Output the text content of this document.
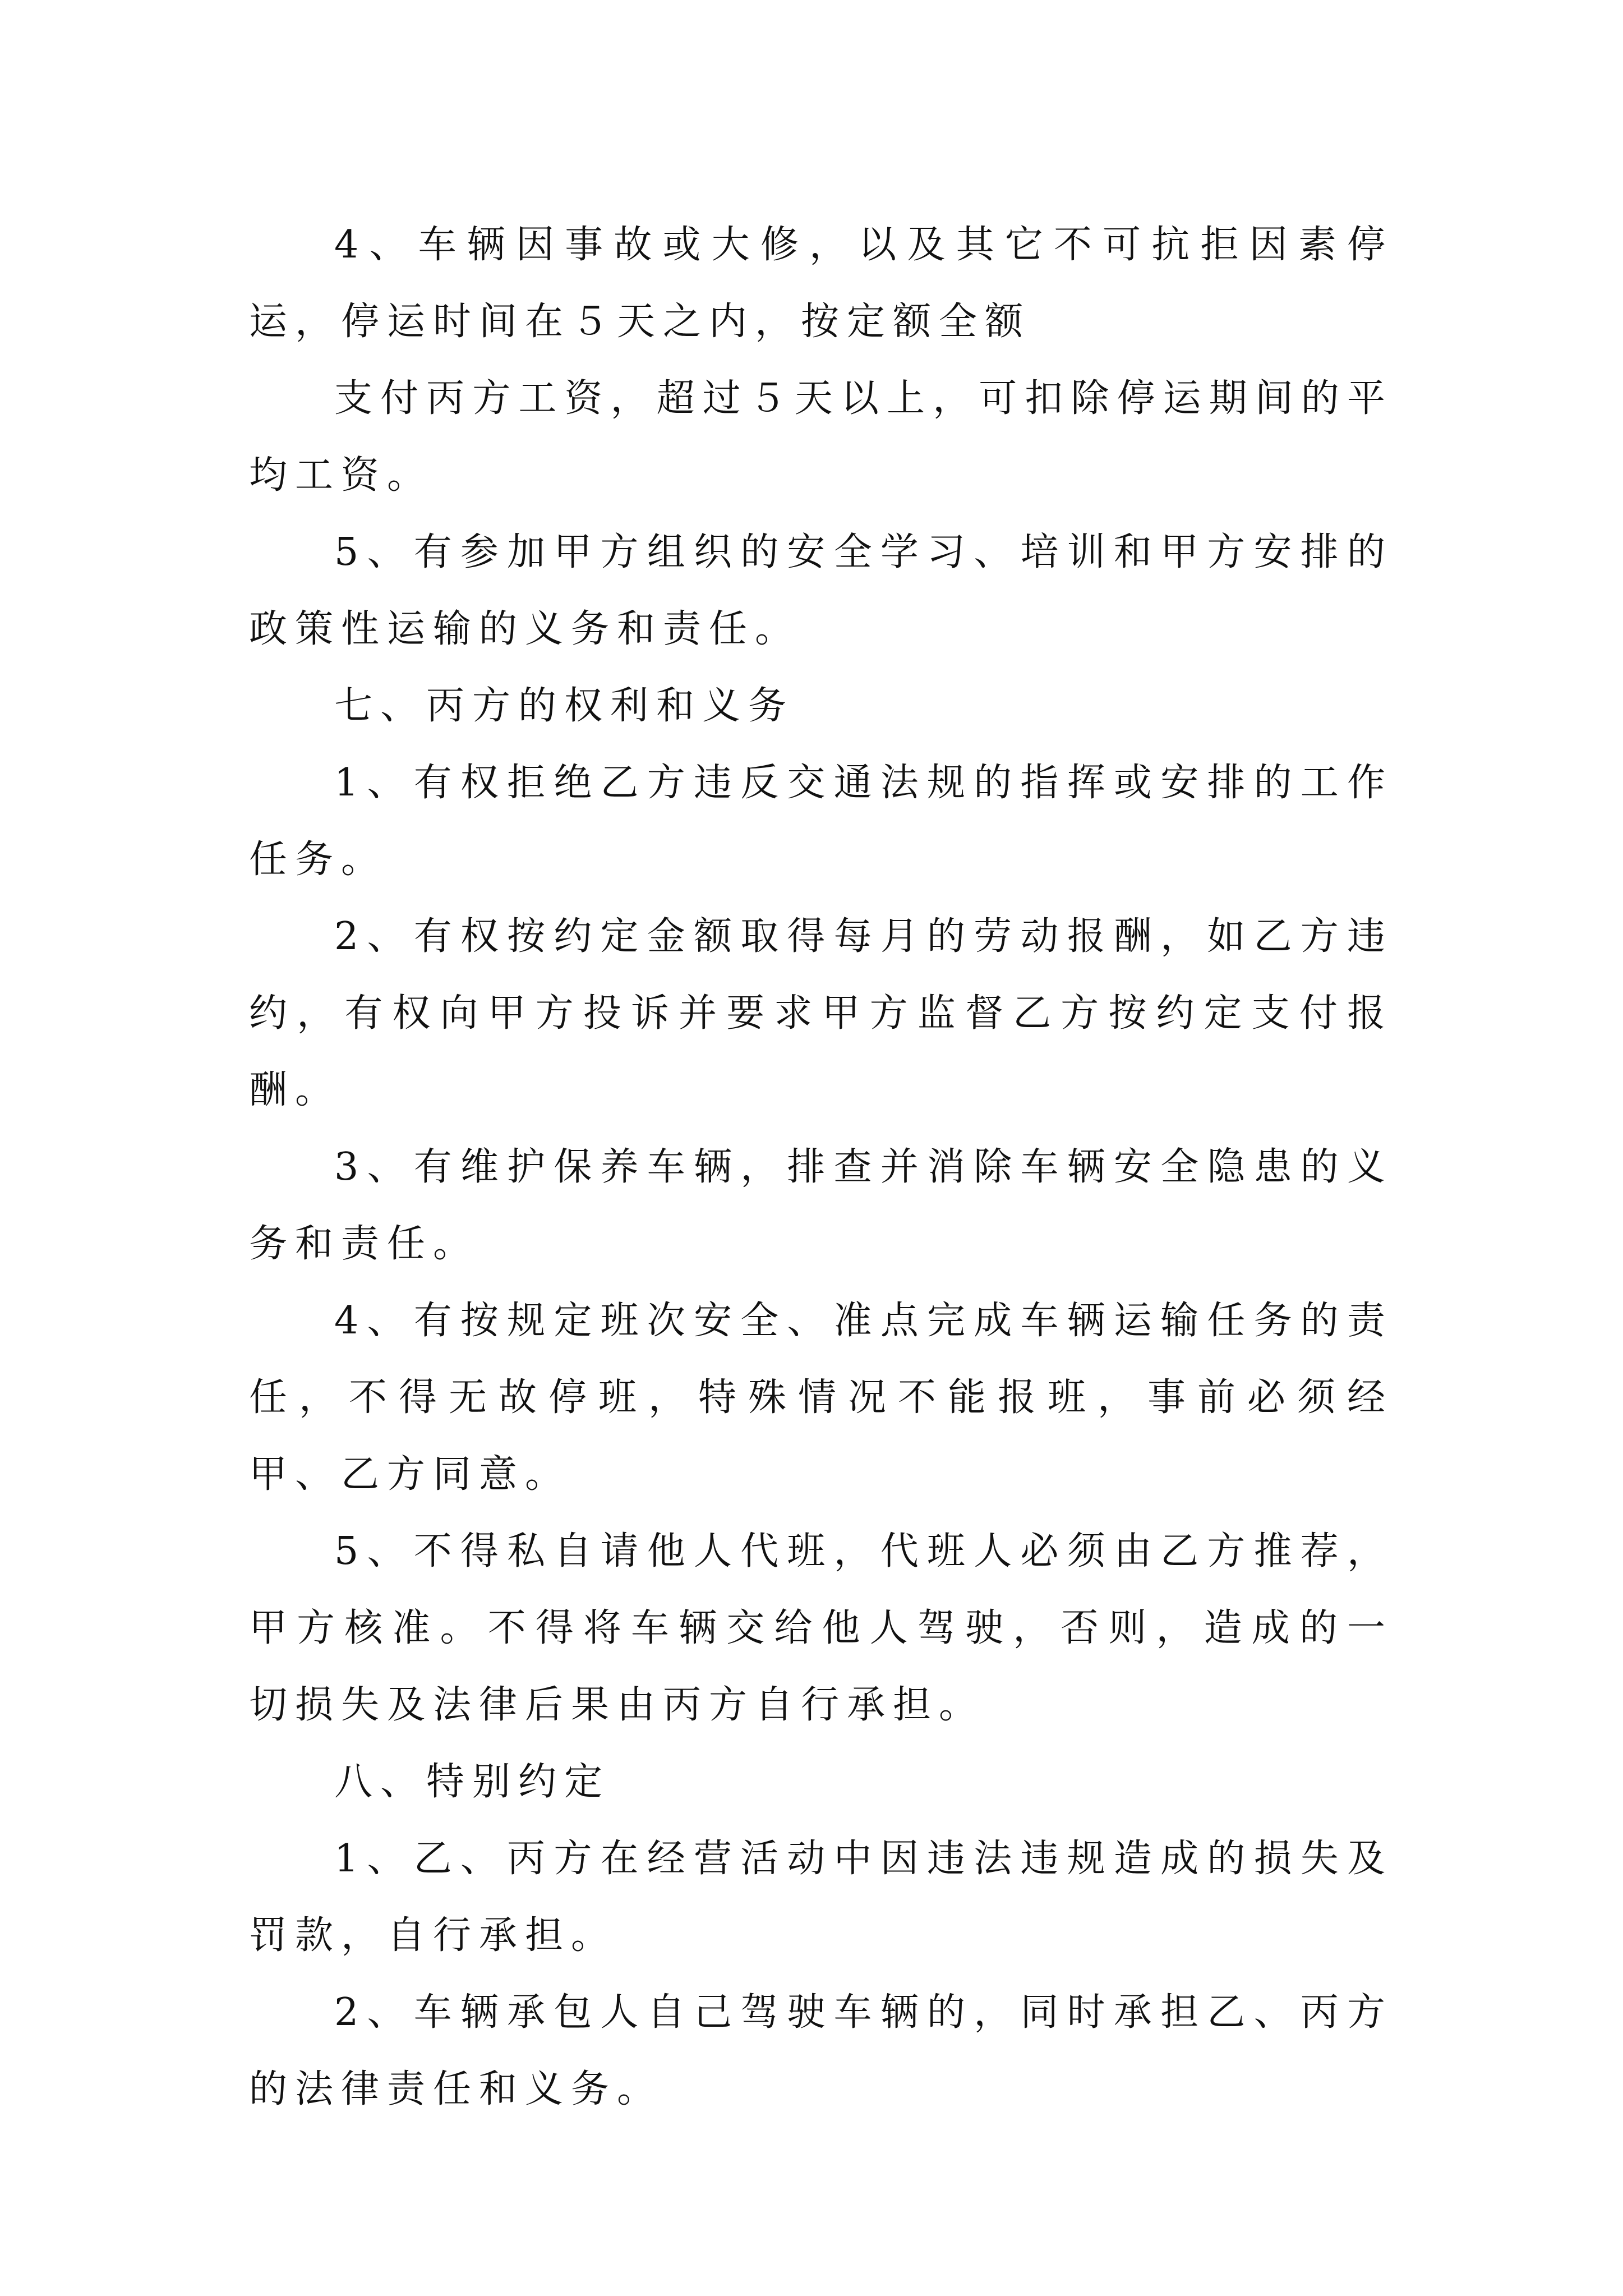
4、车辆因事故或大修，以及其它不可抗拒因素停运，停运时间在５天之内，按定额全额

支付丙方工资，超过５天以上，可扣除停运期间的平均工资。

5、有参加甲方组织的安全学习、培训和甲方安排的政策性运输的义务和责任。

七、丙方的权利和义务

1、有权拒绝乙方违反交通法规的指挥或安排的工作任务。

2、有权按约定金额取得每月的劳动报酬，如乙方违约，有权向甲方投诉并要求甲方监督乙方按约定支付报酬。

3、有维护保养车辆，排查并消除车辆安全隐患的义务和责任。

4、有按规定班次安全、准点完成车辆运输任务的责任，不得无故停班，特殊情况不能报班，事前必须经甲、乙方同意。

5、不得私自请他人代班，代班人必须由乙方推荐，甲方核准。不得将车辆交给他人驾驶，否则，造成的一切损失及法律后果由丙方自行承担。

八、特别约定

1、乙、丙方在经营活动中因违法违规造成的损失及罚款，自行承担。

2、车辆承包人自己驾驶车辆的，同时承担乙、丙方的法律责任和义务。
